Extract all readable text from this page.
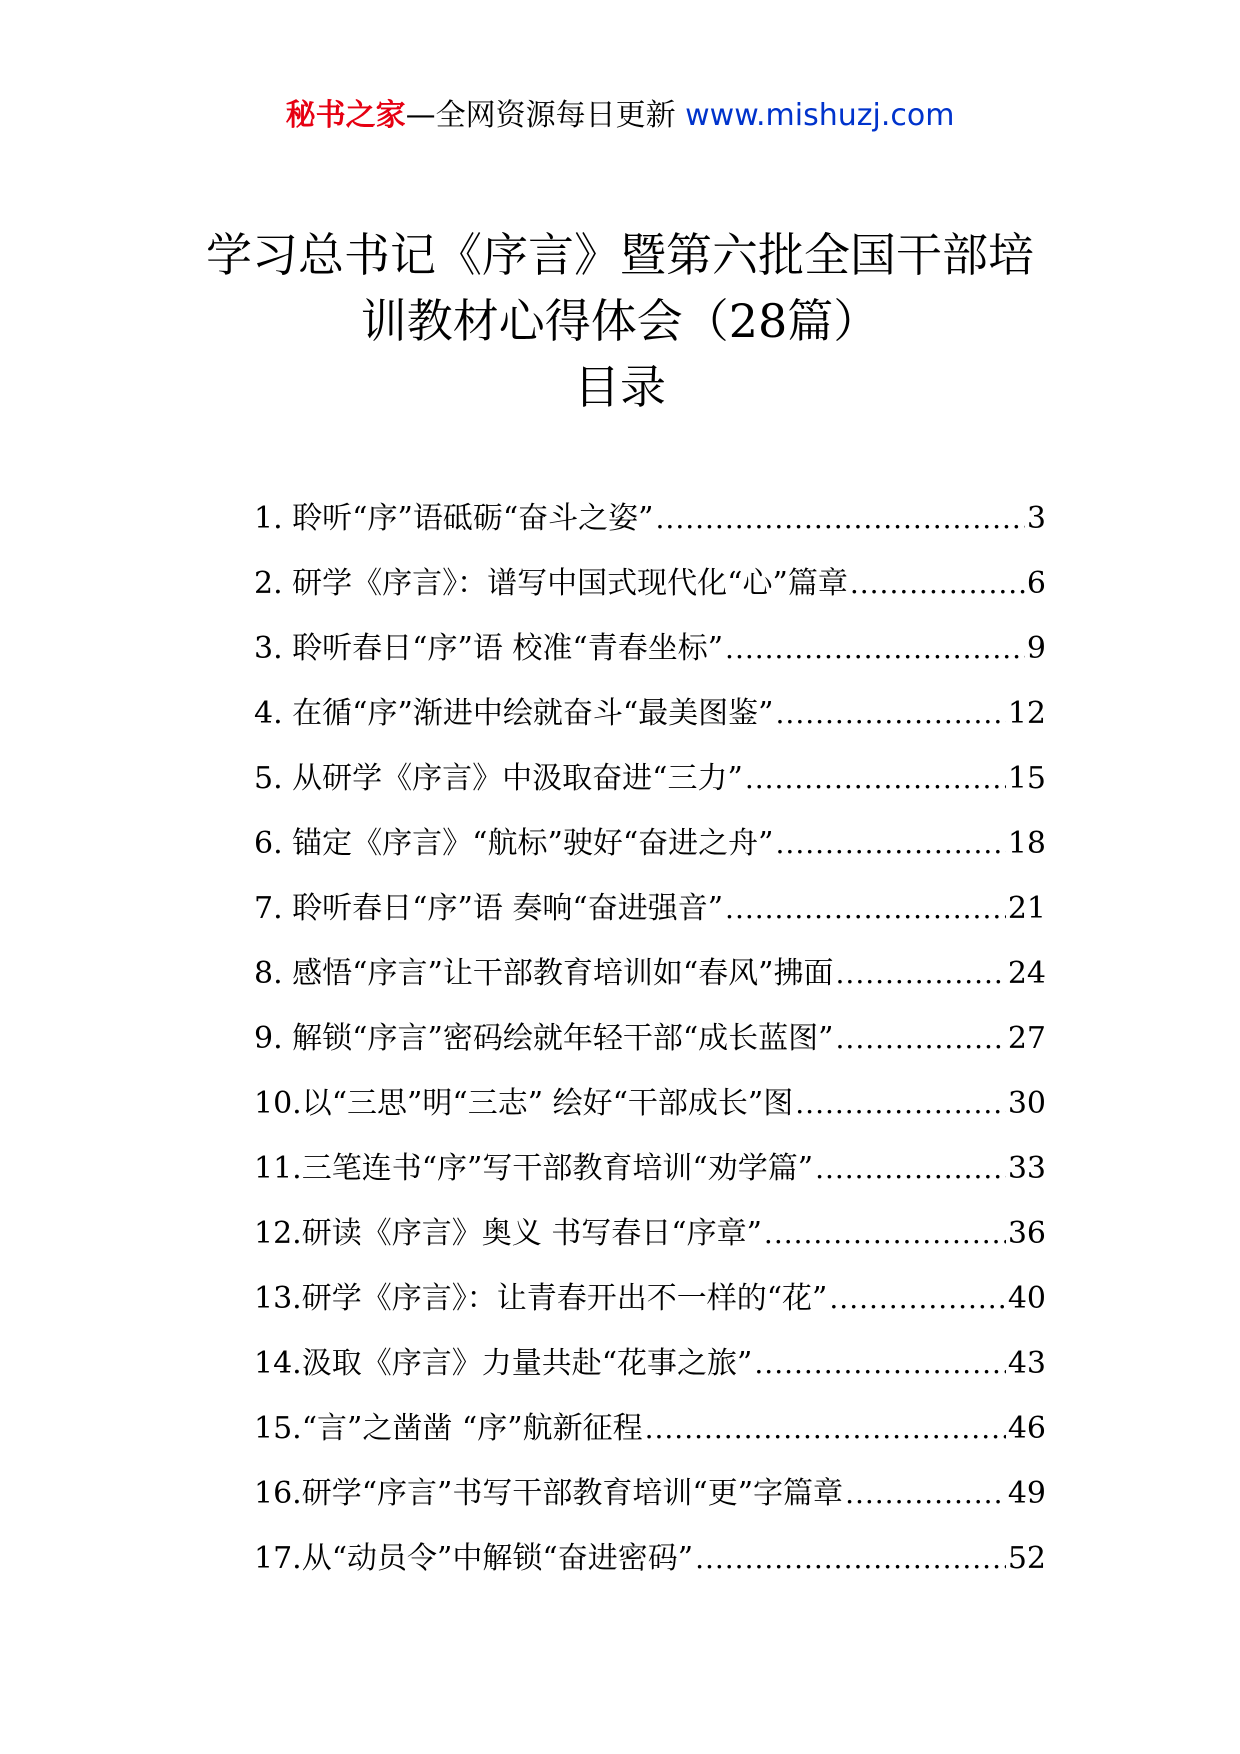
秘书之家—全网资源每日更新 www.mishuzj.com
学习总书记《序言》暨第六批全国干部培
训教材心得体会（28篇）
目录
1. 聆听“序”语砥砺“奋斗之姿” .....	3
2. 研学《序言》：谱写中国式现代化“心”篇章 .....	6
3. 聆听春日“序”语 校准“青春坐标” .....	9
4. 在循“序”渐进中绘就奋斗“最美图鉴” .....	12
5. 从研学《序言》中汲取奋进“三力” .....	15
6. 锚定《序言》“航标”驶好“奋进之舟” .....	18
7. 聆听春日“序”语 奏响“奋进强音” .....	21
8. 感悟“序言”让干部教育培训如“春风”拂面 .....	24
9. 解锁“序言”密码绘就年轻干部“成长蓝图” .....	27
10.以“三思”明“三志” 绘好“干部成长”图 .....	30
11.三笔连书“序”写干部教育培训“劝学篇” .....	33
12.研读《序言》奥义 书写春日“序章” .....	36
13.研学《序言》：让青春开出不一样的“花” .....	40
14.汲取《序言》力量共赴“花事之旅” .....	43
15.“言”之凿凿 “序”航新征程 .....	46
16.研学“序言”书写干部教育培训“更”字篇章 .....	49
17.从“动员令”中解锁“奋进密码” .....	52
